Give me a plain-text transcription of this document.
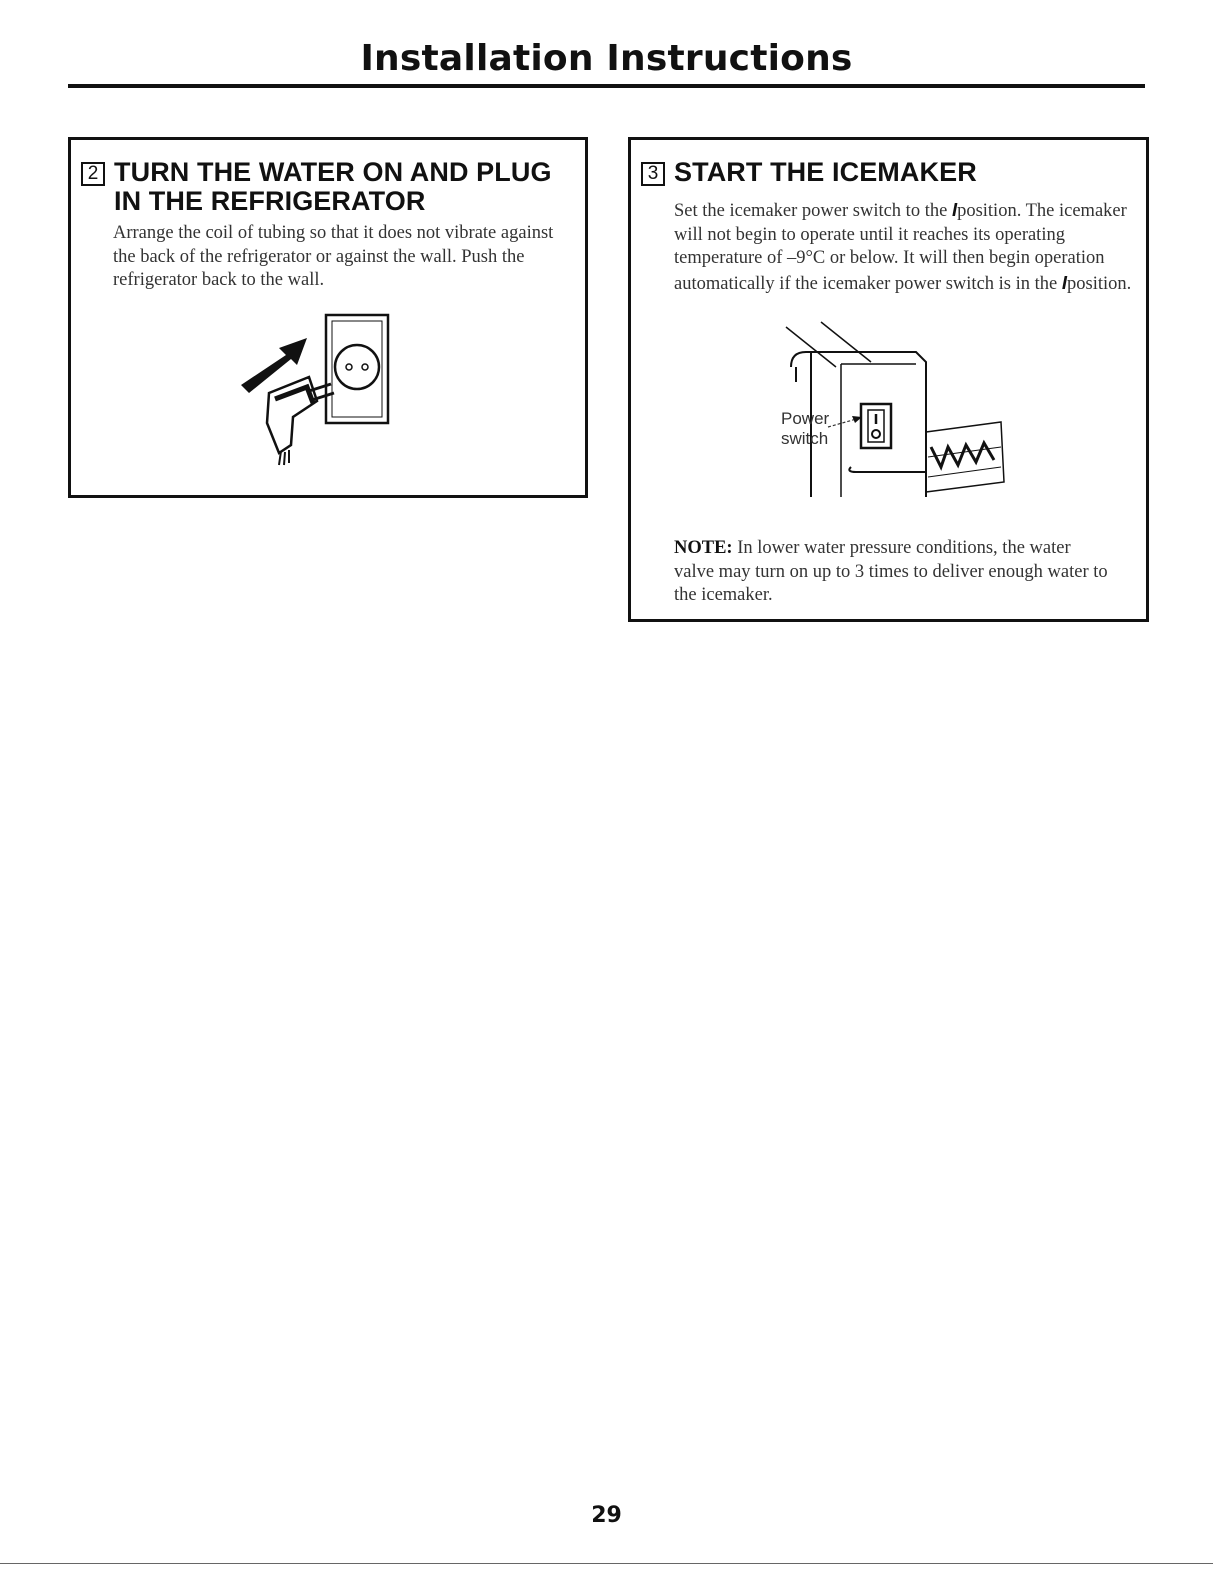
Installation Instructions
2 TURN THE WATER ON AND PLUG
IN THE REFRIGERATOR

Arrange the coil of tubing so that it does not vibrate against the back of the refrigerator or against the wall. Push the refrigerator back to the wall.

3 START THE ICEMAKER

Set the icemaker power switch to the Iposition. The icemaker will not begin to operate until it reaches its operating temperature of –9°C or below. It will then begin operation automatically if the icemaker power switch is in the Iposition.

Power
switch

NOTE: In lower water pressure conditions, the water valve may turn on up to 3 times to deliver enough water to the icemaker.

29
